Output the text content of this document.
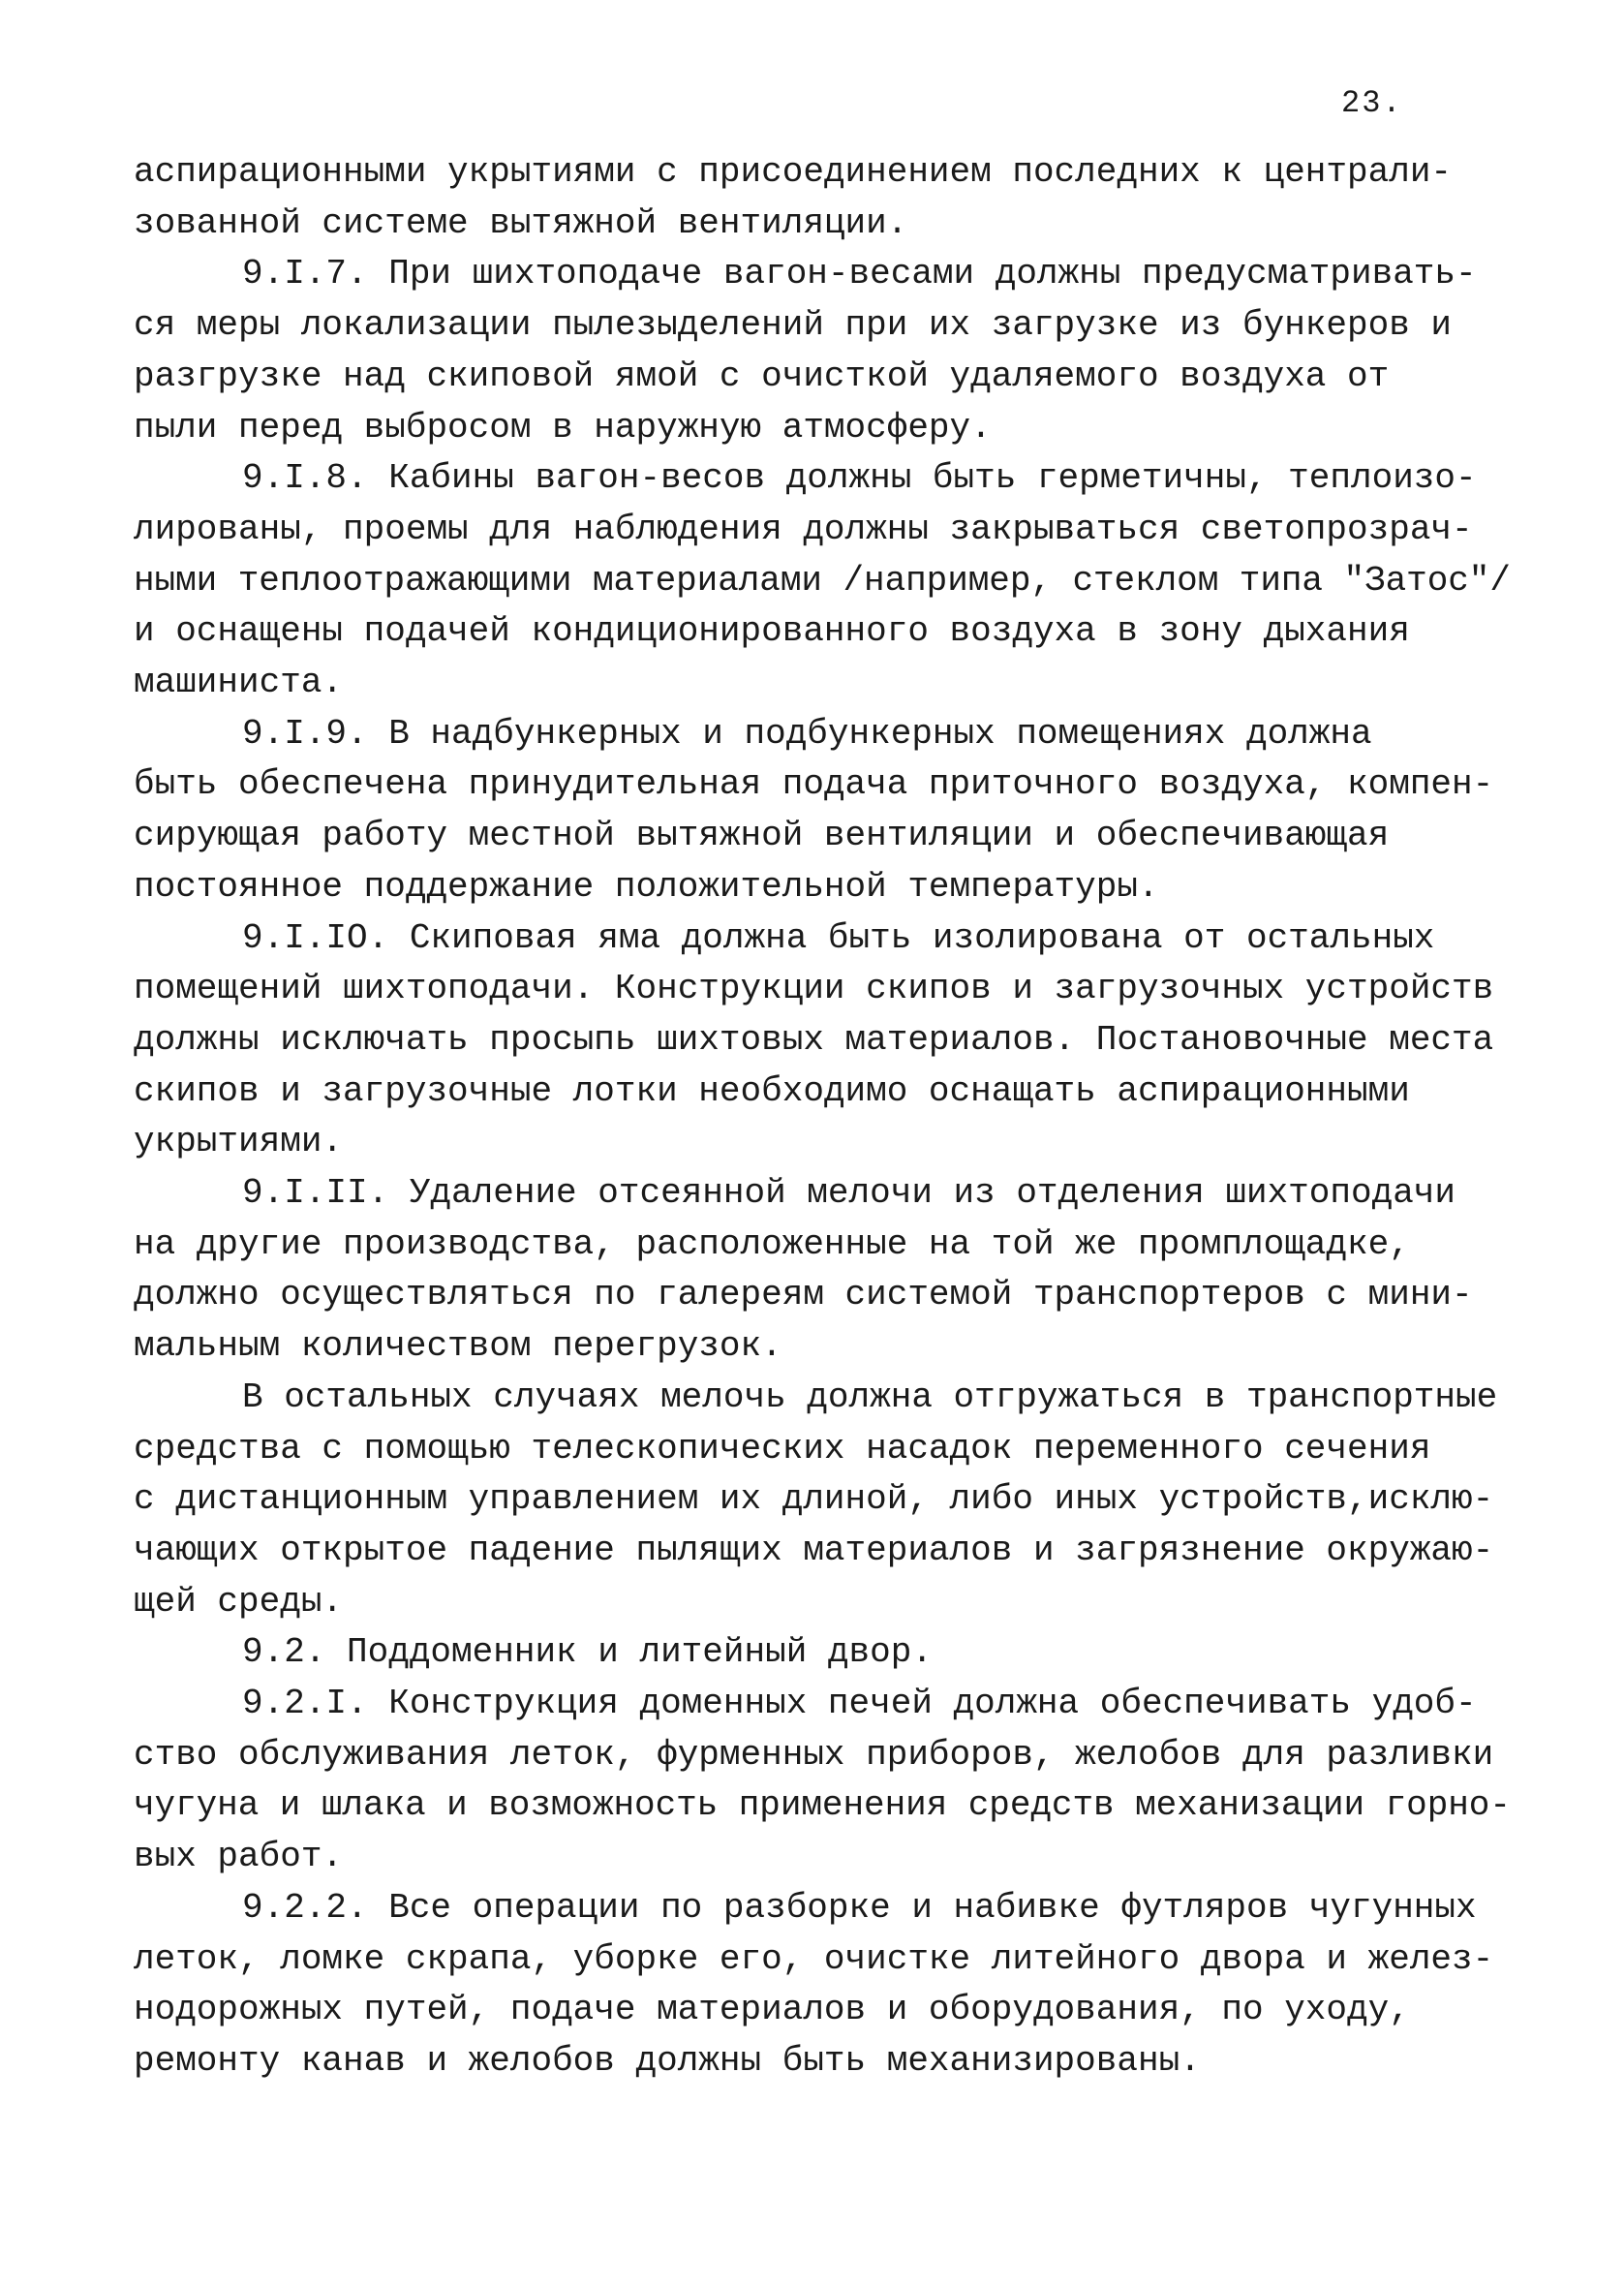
23.
аспирационными укрытиями с присоединением последних к централи-
зованной системе вытяжной вентиляции.
9.I.7. При шихтоподаче вагон-весами должны предусматривать-
ся меры локализации пылезыделений при их загрузке из бункеров и
разгрузке над скиповой ямой с очисткой удаляемого воздуха от
пыли перед выбросом в наружную атмосферу.
9.I.8. Кабины вагон-весов должны быть герметичны, теплоизо-
лированы, проемы для наблюдения должны закрываться светопрозрач-
ными теплоотражающими материалами /например, стеклом типа "Затос"/
и оснащены подачей кондиционированного воздуха в зону дыхания
машиниста.
9.I.9. В надбункерных и подбункерных помещениях должна
быть обеспечена принудительная подача приточного воздуха, компен-
сирующая работу местной вытяжной вентиляции и обеспечивающая
постоянное поддержание положительной температуры.
9.I.IO. Скиповая яма должна быть изолирована от остальных
помещений шихтоподачи. Конструкции скипов и загрузочных устройств
должны исключать просыпь шихтовых материалов. Постановочные места
скипов и загрузочные лотки необходимо оснащать аспирационными
укрытиями.
9.I.II. Удаление отсеянной мелочи из отделения шихтоподачи
на другие производства, расположенные на той же промплощадке,
должно осуществляться по галереям системой транспортеров с мини-
мальным количеством перегрузок.
В остальных случаях мелочь должна отгружаться в транспортные
средства с помощью телескопических насадок переменного сечения
с дистанционным управлением их длиной, либо иных устройств,исклю-
чающих открытое падение пылящих материалов и загрязнение окружаю-
щей среды.
9.2. Поддоменник и литейный двор.
9.2.I. Конструкция доменных печей должна обеспечивать удоб-
ство обслуживания леток, фурменных приборов, желобов для разливки
чугуна и шлака и возможность применения средств механизации горно-
вых работ.
9.2.2. Все операции по разборке и набивке футляров чугунных
леток, ломке скрапа, уборке его, очистке литейного двора и желез-
нодорожных путей, подаче материалов и оборудования, по уходу,
ремонту канав и желобов должны быть механизированы.
